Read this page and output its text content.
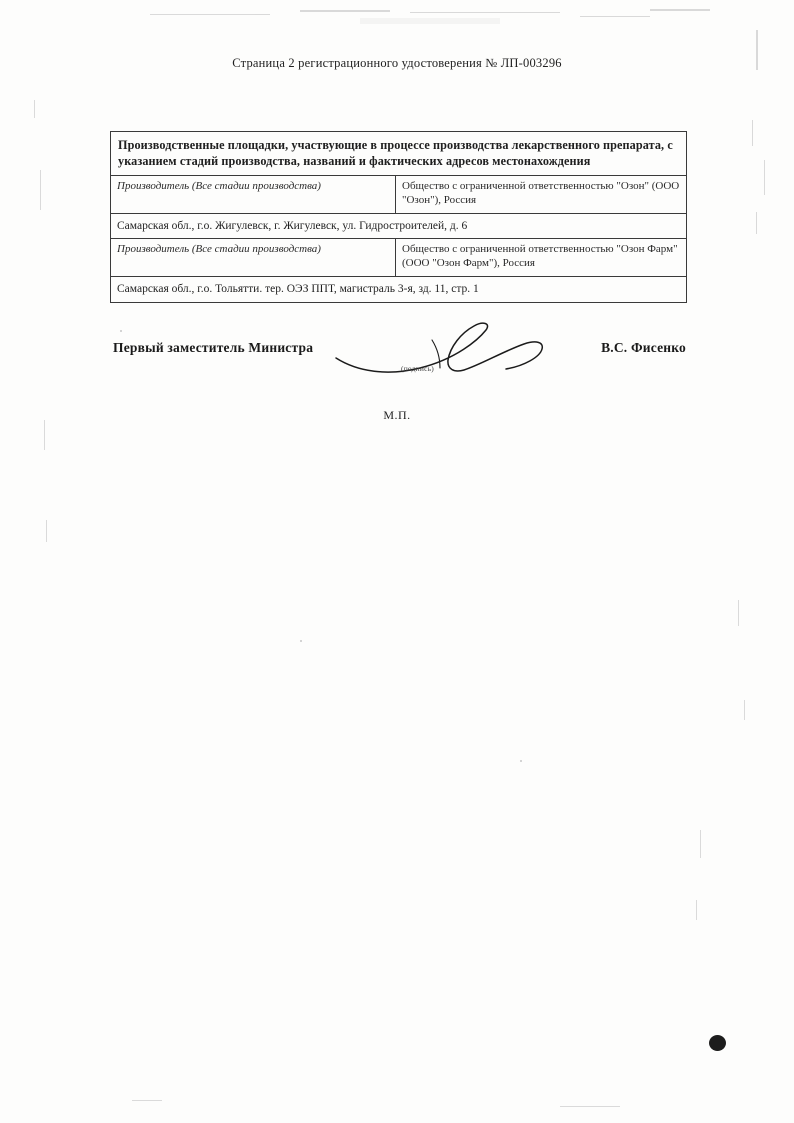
Страница 2 регистрационного удостоверения № ЛП-003296
Производственные площадки, участвующие в процессе производства лекарственного препарата, с указанием стадий производства, названий и фактических адресов местонахождения	
Производитель (Все стадии производства)	Общество с ограниченной ответственностью "Озон" (ООО "Озон"), Россия
Самарская обл., г.о. Жигулевск, г. Жигулевск, ул. Гидростроителей, д. 6	
Производитель (Все стадии производства)	Общество с ограниченной ответственностью "Озон Фарм" (ООО "Озон Фарм"), Россия
Самарская обл., г.о. Тольятти. тер. ОЭЗ ППТ, магистраль 3-я, зд. 11, стр. 1	
Первый заместитель Министра
(подпись)
В.С. Фисенко
М.П.
